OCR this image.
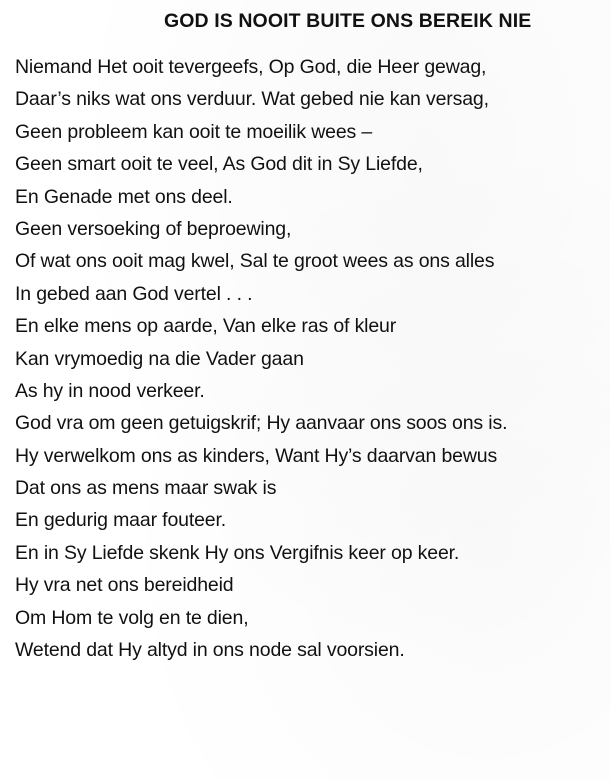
GOD IS NOOIT BUITE ONS BEREIK NIE
Niemand Het ooit tevergeefs, Op God, die Heer gewag,
Daar’s niks wat ons verduur. Wat gebed nie kan versag,
Geen probleem kan ooit te moeilik wees –
Geen smart ooit te veel, As God dit in Sy Liefde,
En Genade met ons deel.
Geen versoeking of beproewing,
Of wat ons ooit mag kwel, Sal te groot wees as ons alles
In gebed aan God vertel . . .
En elke mens op aarde, Van elke ras of kleur
Kan vrymoedig na die Vader gaan
As hy in nood verkeer.
God vra om geen getuigskrif; Hy aanvaar ons soos ons is.
Hy verwelkom ons as kinders, Want Hy’s daarvan bewus
Dat ons as mens maar swak is
En gedurig maar fouteer.
En in Sy Liefde skenk Hy ons Vergifnis keer op keer.
Hy vra net ons bereidheid
Om Hom te volg en te dien,
Wetend dat Hy altyd in ons node sal voorsien.
